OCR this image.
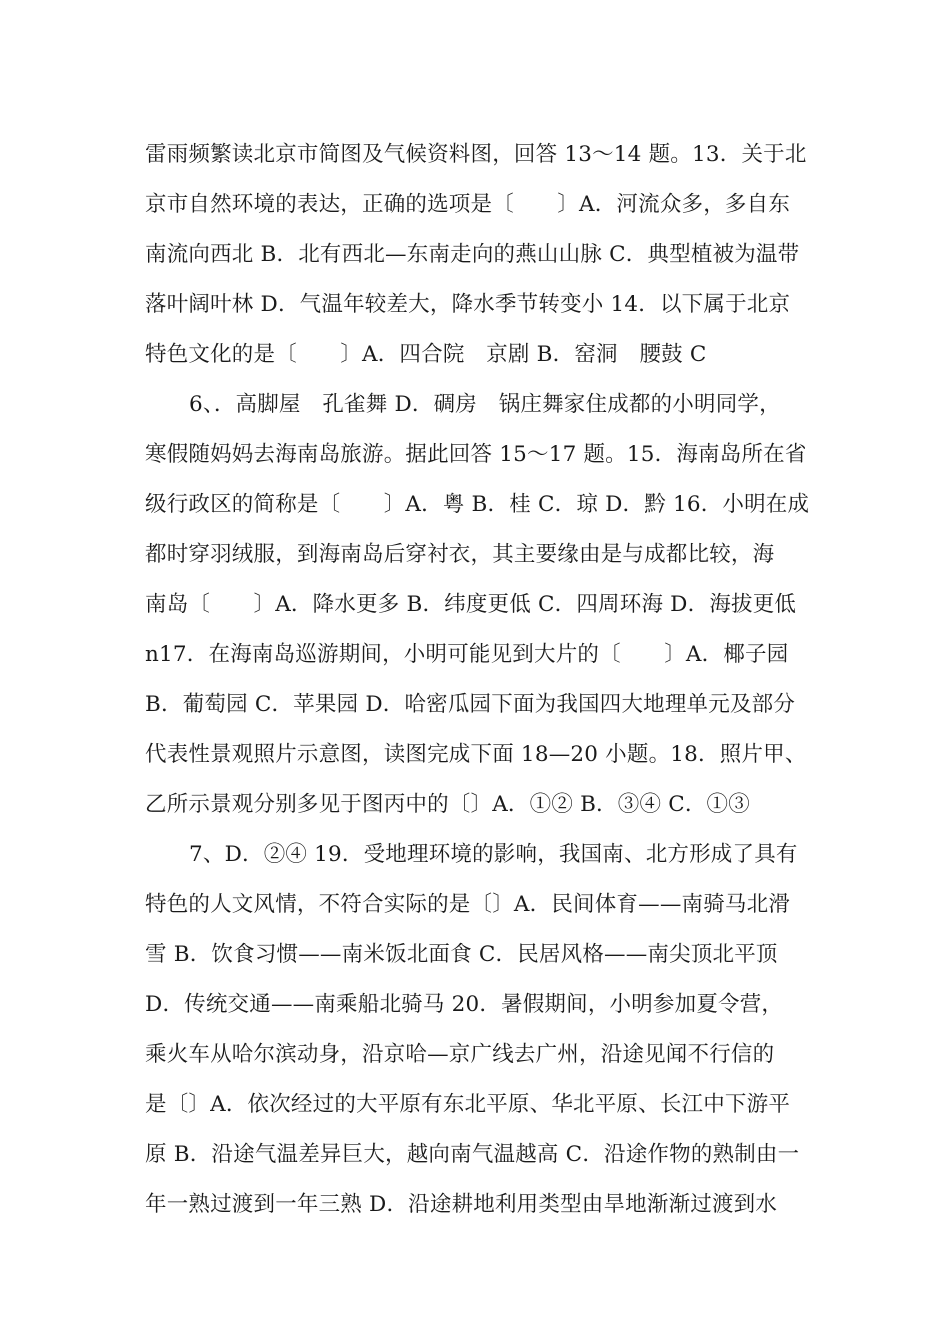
雷雨频繁读北京市简图及气候资料图，回答 13～14 题。13．关于北
京市自然环境的表达，正确的选项是〔　　〕A．河流众多，多自东
南流向西北 B．北有西北—东南走向的燕山山脉 C．典型植被为温带
落叶阔叶林 D．气温年较差大，降水季节转变小 14．以下属于北京
特色文化的是〔　　〕A．四合院　京剧 B．窑洞　腰鼓 C
6、．高脚屋　孔雀舞 D．碉房　锅庄舞家住成都的小明同学，
寒假随妈妈去海南岛旅游。据此回答 15～17 题。15．海南岛所在省
级行政区的简称是〔　　〕A．粤 B．桂 C．琼 D．黔 16．小明在成
都时穿羽绒服，到海南岛后穿衬衣，其主要缘由是与成都比较，海
南岛〔　　〕A．降水更多 B．纬度更低 C．四周环海 D．海拔更低
n17．在海南岛巡游期间，小明可能见到大片的〔　　〕A．椰子园
B．葡萄园 C．苹果园 D．哈密瓜园下面为我国四大地理单元及部分
代表性景观照片示意图，读图完成下面 18—20 小题。18．照片甲、
乙所示景观分别多见于图丙中的〔〕A．①② B．③④ C．①③
7、D．②④ 19．受地理环境的影响，我国南、北方形成了具有
特色的人文风情，不符合实际的是〔〕A．民间体育——南骑马北滑
雪 B．饮食习惯——南米饭北面食 C．民居风格——南尖顶北平顶
D．传统交通——南乘船北骑马 20．暑假期间，小明参加夏令营，
乘火车从哈尔滨动身，沿京哈—京广线去广州，沿途见闻不行信的
是〔〕A．依次经过的大平原有东北平原、华北平原、长江中下游平
原 B．沿途气温差异巨大，越向南气温越高 C．沿途作物的熟制由一
年一熟过渡到一年三熟 D．沿途耕地利用类型由旱地渐渐过渡到水
